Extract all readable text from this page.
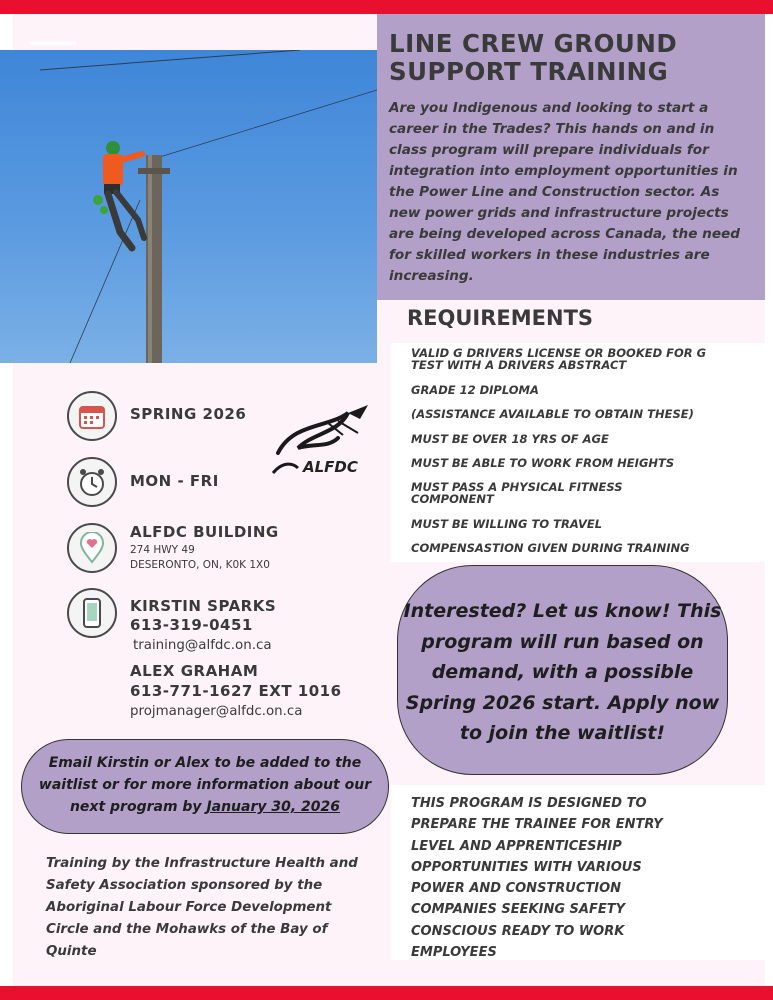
LINE CREW GROUND
SUPPORT TRAINING
Are you Indigenous and looking to start a
career in the Trades? This hands on and in
class program will prepare individuals for
integration into employment opportunities in
the Power Line and Construction sector. As
new power grids and infrastructure projects
are being developed across Canada, the need
for skilled workers in these industries are
increasing.
REQUIREMENTS
VALID G DRIVERS LICENSE OR BOOKED FOR G
TEST WITH A DRIVERS ABSTRACT
GRADE 12 DIPLOMA
(ASSISTANCE AVAILABLE TO OBTAIN THESE)
MUST BE OVER 18 YRS OF AGE
MUST BE ABLE TO WORK FROM HEIGHTS
MUST PASS A PHYSICAL FITNESS
COMPONENT
MUST BE WILLING TO TRAVEL
COMPENSASTION GIVEN DURING TRAINING
Interested? Let us know! This
program will run based on
demand, with a possible
Spring 2026 start. Apply now
to join the waitlist!
THIS PROGRAM IS DESIGNED TO
PREPARE THE TRAINEE FOR ENTRY
LEVEL AND APPRENTICESHIP
OPPORTUNITIES WITH VARIOUS
POWER AND CONSTRUCTION
COMPANIES SEEKING SAFETY
CONSCIOUS READY TO WORK
EMPLOYEES
SPRING 2026
MON - FRI
ALFDC BUILDING
274 HWY 49
DESERONTO, ON, K0K 1X0
KIRSTIN SPARKS
613-319-0451
training@alfdc.on.ca
ALEX GRAHAM
613-771-1627 EXT 1016
projmanager@alfdc.on.ca
ALFDC
Email Kirstin or Alex to be added to the
waitlist or for more information about our
next program by January 30, 2026
Training by the Infrastructure Health and
Safety Association sponsored by the
Aboriginal Labour Force Development
Circle and the Mohawks of the Bay of
Quinte
